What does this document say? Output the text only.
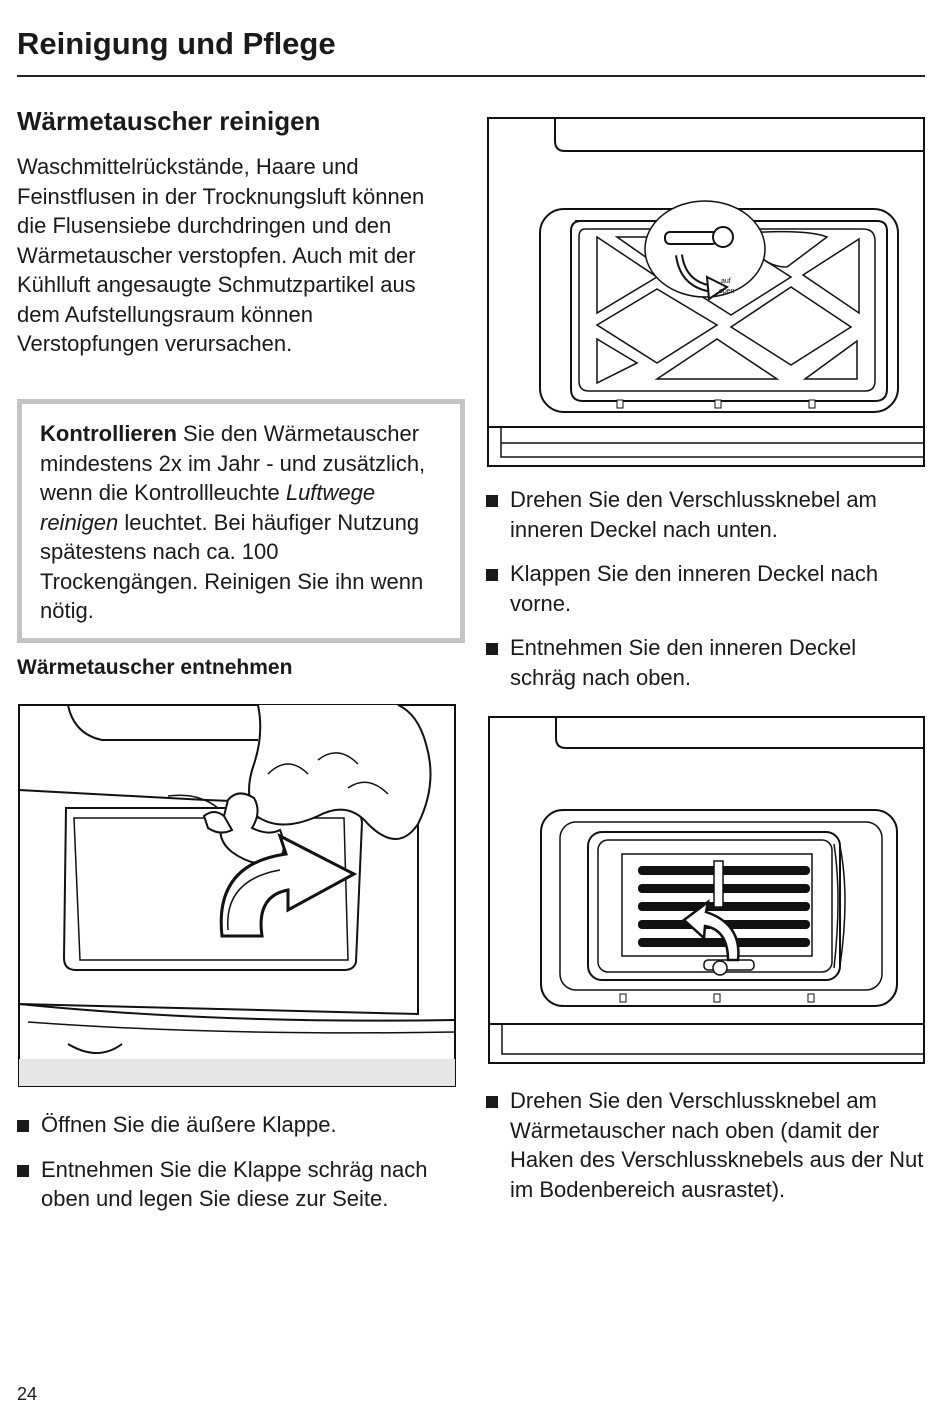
Reinigung und Pflege
Wärmetauscher reinigen

Waschmittelrückstände, Haare und Feinstflusen in der Trocknungsluft können die Flusensiebe durchdringen und den Wärmetauscher verstopfen. Auch mit der Kühlluft angesaugte Schmutzpartikel aus dem Aufstellungsraum können Verstopfungen verursachen.

Kontrollieren Sie den Wärmetauscher mindestens 2x im Jahr - und zusätzlich, wenn die Kontrollleuchte Luftwege reinigen leuchtet. Bei häufiger Nutzung spätestens nach ca. 100 Trockengängen. Reinigen Sie ihn wenn nötig.
Wärmetauscher entnehmen
auf
open
Drehen Sie den Verschlussknebel am inneren Deckel nach unten.
Klappen Sie den inneren Deckel nach vorne.
Entnehmen Sie den inneren Deckel schräg nach oben.
Öffnen Sie die äußere Klappe.
Entnehmen Sie die Klappe schräg nach oben und legen Sie diese zur Seite.
Drehen Sie den Verschlussknebel am Wärmetauscher nach oben (damit der Haken des Verschlussknebels aus der Nut im Bodenbereich ausrastet).
24
